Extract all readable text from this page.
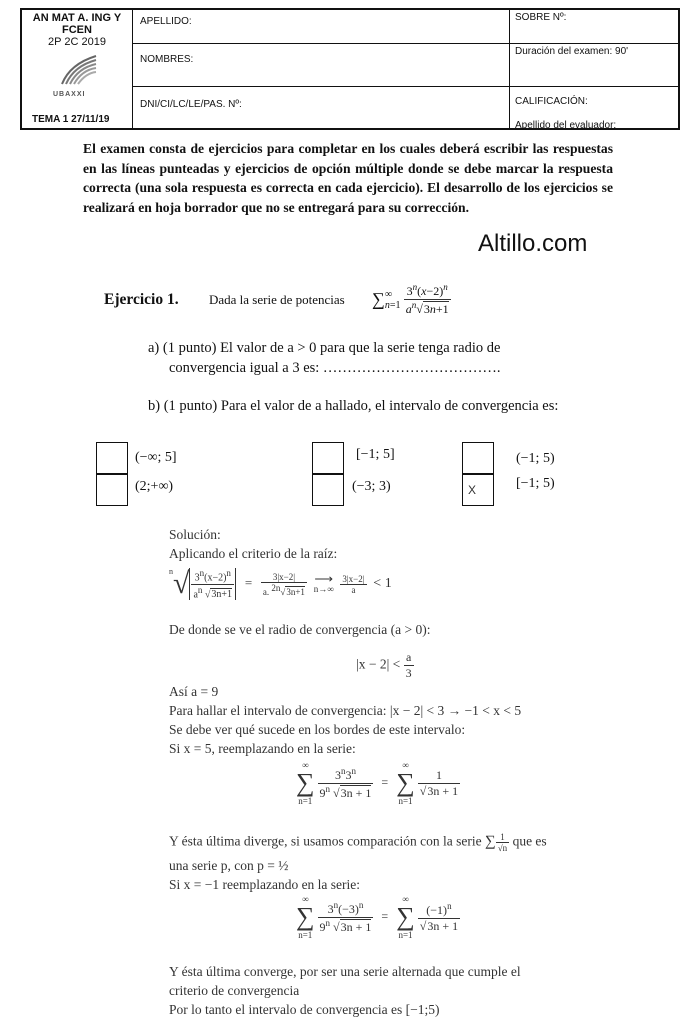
AN MAT A. ING Y
FCEN
2P 2C 2019
UBAXXI
TEMA 1 27/11/19
APELLIDO:
NOMBRES:
DNI/CI/LC/LE/PAS. Nº:
SOBRE Nº:
Duración del examen: 90'
CALIFICACIÓN:
Apellido del evaluador:
El examen consta de ejercicios para completar en los cuales deberá escribir las respuestas en las líneas punteadas y ejercicios de opción múltiple donde se debe marcar la respuesta correcta (una sola respuesta es correcta en cada ejercicio). El desarrollo de los ejercicios se realizará en hoja borrador que no se entregará para su corrección.
Altillo.com
Ejercicio 1. Dada la serie de potencias ∑ ∞
n=1
$\frac{3^n(x-2)^n}{a^n√3n+1}$
a) (1 punto) El valor de a > 0 para que la serie tenga radio de
convergencia igual a 3 es: ……………………………….
b) (1 punto) Para el valor de a hallado, el intervalo de convergencia es:
(−∞; 5]
(2;+∞)
[−1; 5]
(−3; 3)	X
(−1; 5)
[−1; 5)
Solución:
Aplicando el criterio de la raíz:
$^n√ \frac{3^n(x-2)^n}{a^n √3n+1} = \frac{3|x-2|}{a. ^{2n}√3n+1}$
⟶
n→∞
$\frac{3|x-2|}{a} < 1$
De donde se ve el radio de convergencia (a > 0):
$|x - 2| < \frac{a}{3}$
Así a = 9
Para hallar el intervalo de convergencia: |x − 2| < 3 → −1 < x < 5
Se debe ver qué sucede en los bordes de este intervalo:
Si x = 5, reemplazando en la serie:
∞
∑
n=1
$\frac{3^n3^n}{9^n √3n + 1}$ = ∞
∑
n=1
$\frac{1}{√3n + 1}$
Y ésta última diverge, si usamos comparación con la serie ∑ $\frac{1}{√n}$ que es
una serie p, con p = ½
Si x = −1 reemplazando en la serie:
∞
∑
n=1
$\frac{3^n(-3)^n}{9^n √3n + 1}$ = ∞
∑
n=1
$\frac{(-1)^n}{√3n + 1}$
Y ésta última converge, por ser una serie alternada que cumple el
criterio de convergencia
Por lo tanto el intervalo de convergencia es [−1;5)
